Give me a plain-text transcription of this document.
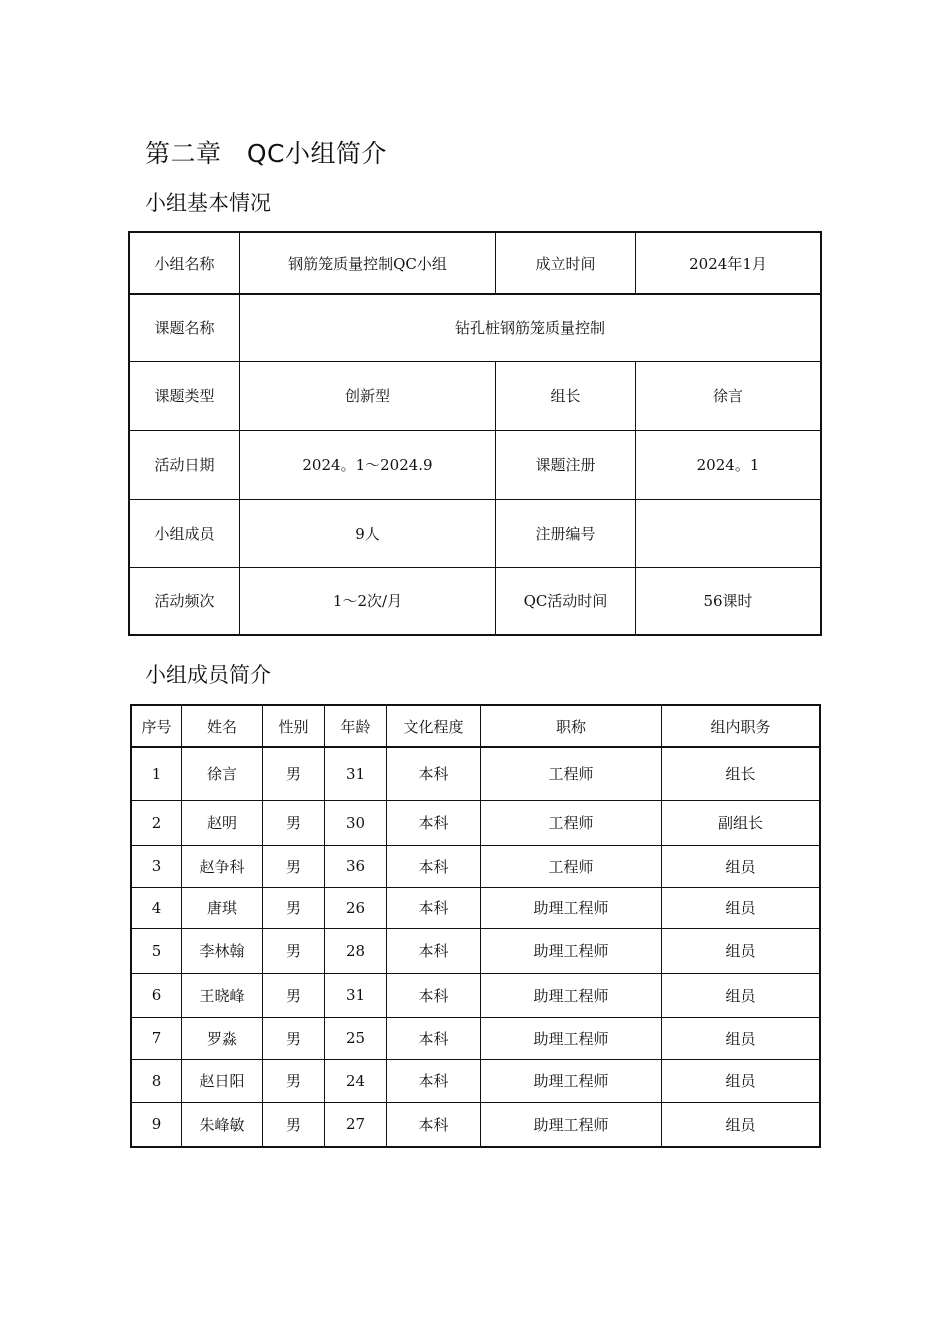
第二章   QC小组简介
小组基本情况
小组名称	钢筋笼质量控制QC小组	成立时间	2024年1月
课题名称	钻孔桩钢筋笼质量控制		
课题类型	创新型	组长	徐言
活动日期	2024。1～2024.9	课题注册	2024。1
小组成员	9人	注册编号	
活动频次	1～2次/月	QC活动时间	56课时
小组成员简介
序号	姓名	性别	年龄	文化程度	职称	组内职务
1	徐言	男	31	本科	工程师	组长
2	赵明	男	30	本科	工程师	副组长
3	赵争科	男	36	本科	工程师	组员
4	唐琪	男	26	本科	助理工程师	组员
5	李林翰	男	28	本科	助理工程师	组员
6	王晓峰	男	31	本科	助理工程师	组员
7	罗淼	男	25	本科	助理工程师	组员
8	赵日阳	男	24	本科	助理工程师	组员
9	朱峰敏	男	27	本科	助理工程师	组员
